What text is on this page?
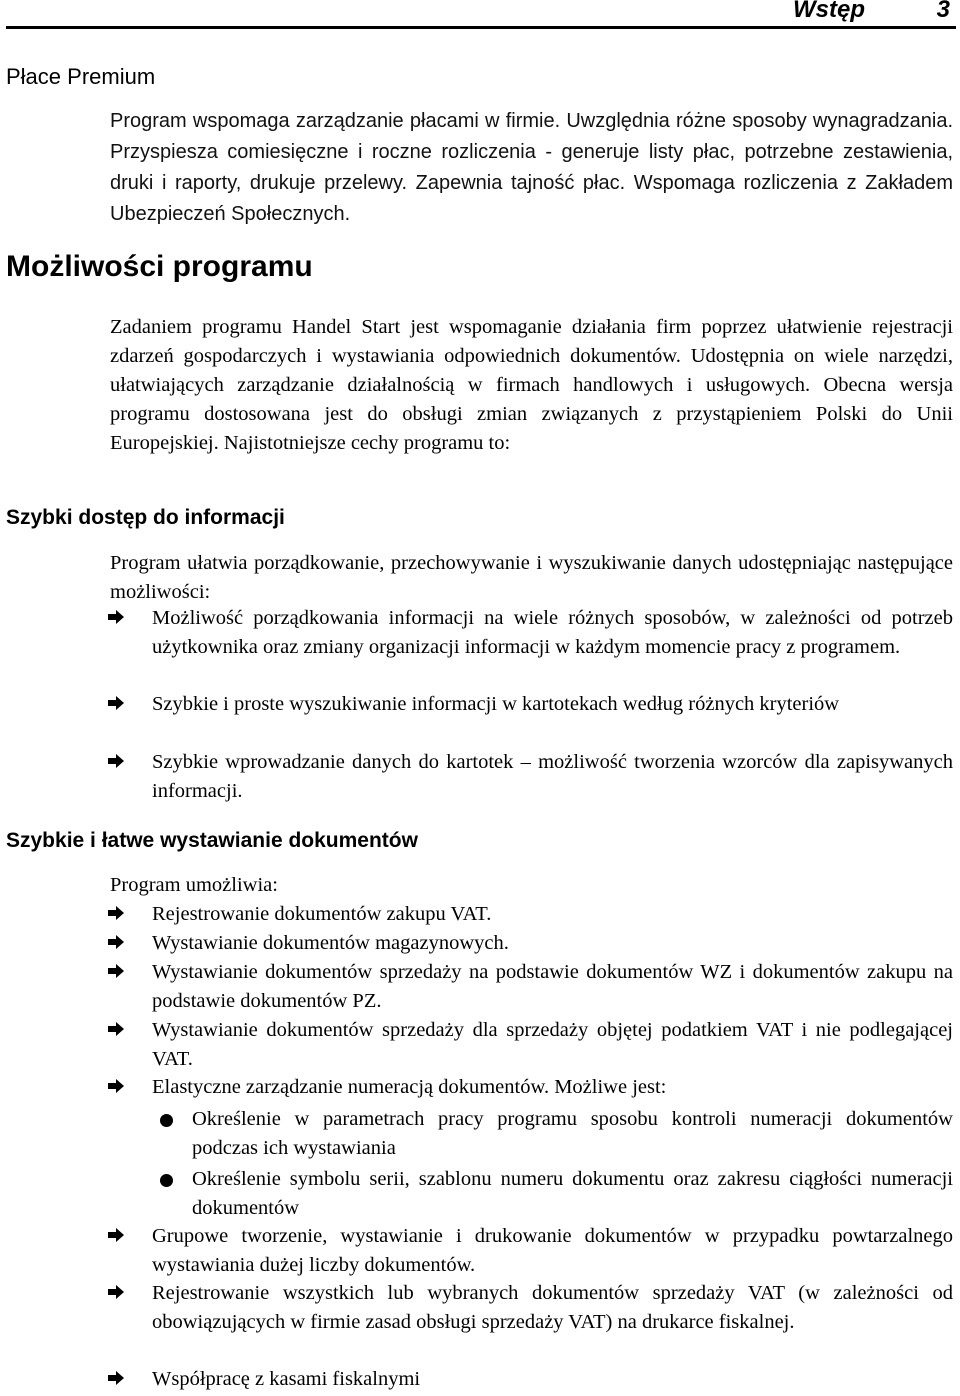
Wstęp	3
Płace Premium
Program wspomaga zarządzanie płacami w firmie. Uwzględnia różne sposoby wynagradzania. Przyspiesza comiesięczne i roczne rozliczenia - generuje listy płac, potrzebne zestawienia, druki i raporty, drukuje przelewy. Zapewnia tajność płac. Wspomaga rozliczenia z Zakładem Ubezpieczeń Społecznych.
Możliwości programu
Zadaniem programu Handel Start jest wspomaganie działania firm poprzez ułatwienie rejestracji zdarzeń gospodarczych i wystawiania odpowiednich dokumentów. Udostępnia on wiele narzędzi, ułatwiających zarządzanie działalnością w firmach handlowych i usługowych. Obecna wersja programu dostosowana jest do obsługi zmian związanych z przystąpieniem Polski do Unii Europejskiej. Najistotniejsze cechy programu to:
Szybki dostęp do informacji
Program ułatwia porządkowanie, przechowywanie i wyszukiwanie danych udostępniając następujące możliwości:
Możliwość porządkowania informacji na wiele różnych sposobów, w zależności od potrzeb użytkownika oraz zmiany organizacji informacji w każdym momencie pracy z programem.
Szybkie i proste wyszukiwanie informacji w kartotekach według różnych kryteriów
Szybkie wprowadzanie danych do kartotek – możliwość tworzenia wzorców dla zapisywanych informacji.
Szybkie i łatwe wystawianie dokumentów
Program umożliwia:
Rejestrowanie dokumentów zakupu VAT.
Wystawianie dokumentów magazynowych.
Wystawianie dokumentów sprzedaży na podstawie dokumentów WZ i dokumentów zakupu na podstawie dokumentów PZ.
Wystawianie dokumentów sprzedaży dla sprzedaży objętej podatkiem VAT i nie podlegającej VAT.
Elastyczne zarządzanie numeracją dokumentów. Możliwe jest:
Określenie w parametrach pracy programu sposobu kontroli numeracji dokumentów podczas ich wystawiania
Określenie symbolu serii, szablonu numeru dokumentu oraz zakresu ciągłości numeracji dokumentów
Grupowe tworzenie, wystawianie i drukowanie dokumentów w przypadku powtarzalnego wystawiania dużej liczby dokumentów.
Rejestrowanie wszystkich lub wybranych dokumentów sprzedaży VAT (w zależności od obowiązujących w firmie zasad obsługi sprzedaży VAT) na drukarce fiskalnej.
Współpracę z kasami fiskalnymi
